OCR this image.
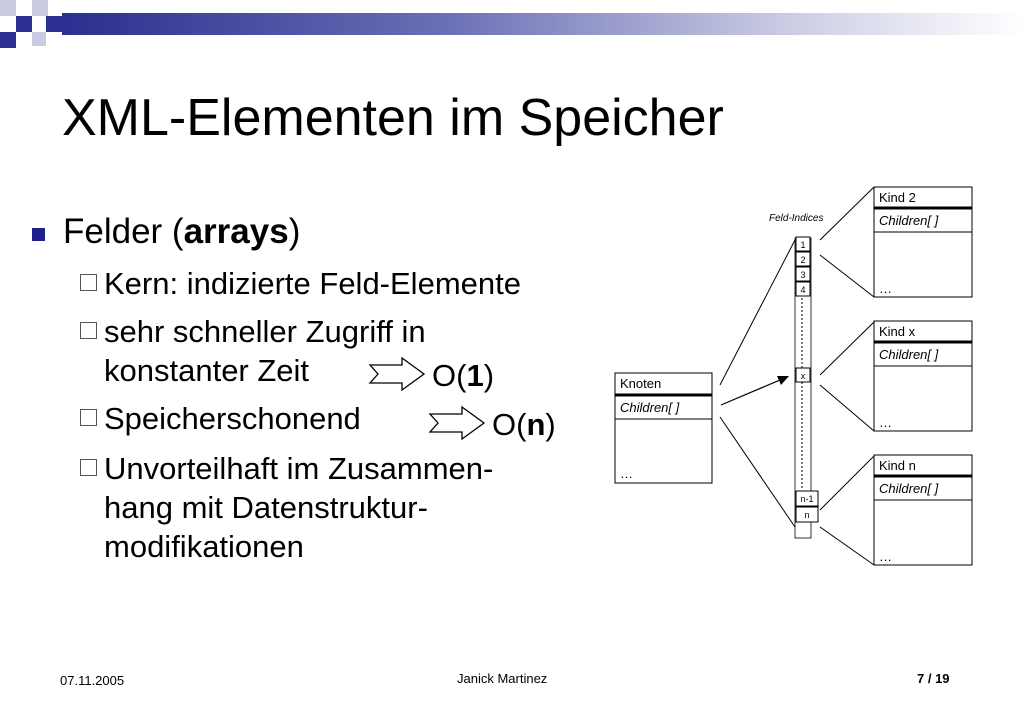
XML-Elementen im Speicher
Felder (arrays)
Kern: indizierte Feld-Elemente
sehr schneller Zugriff in
konstanter Zeit
Speicherschonend
Unvorteilhaft im Zusammen-
hang mit Datenstruktur-
modifikationen
O(1)
O(n)
1
2
3
4
x
n-1
n
Feld-Indices
Knoten
Children[ ]
…
Kind 2
Children[ ]
…
Kind x
Children[ ]
…
Kind n
Children[ ]
…
07.11.2005	Janick Martinez	7 / 19
